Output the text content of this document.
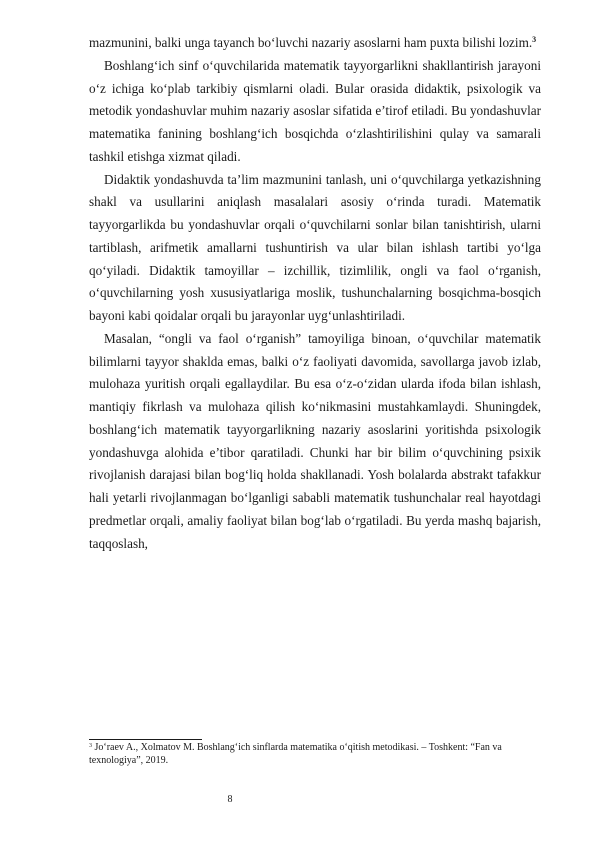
mazmunini, balki unga tayanch bo‘luvchi nazariy asoslarni ham puxta bilishi lozim.$^3$

Boshlang‘ich sinf o‘quvchilarida matematik tayyorgarlikni shakllantirish jarayoni o‘z ichiga ko‘plab tarkibiy qismlarni oladi. Bular orasida didaktik, psixologik va metodik yondashuvlar muhim nazariy asoslar sifatida e’tirof etiladi. Bu yondashuvlar matematika fanining boshlang‘ich bosqichda o‘zlashtirilishini qulay va samarali tashkil etishga xizmat qiladi.

Didaktik yondashuvda ta’lim mazmunini tanlash, uni o‘quvchilarga yetkazishning shakl va usullarini aniqlash masalalari asosiy o‘rinda turadi. Matematik tayyorgarlikda bu yondashuvlar orqali o‘quvchilarni sonlar bilan tanishtirish, ularni tartiblash, arifmetik amallarni tushuntirish va ular bilan ishlash tartibi yo‘lga qo‘yiladi. Didaktik tamoyillar – izchillik, tizimlilik, ongli va faol o‘rganish, o‘quvchilarning yosh xususiyatlariga moslik, tushunchalarning bosqichma-bosqich bayoni kabi qoidalar orqali bu jarayonlar uyg‘unlashtiriladi.

Masalan, “ongli va faol o‘rganish” tamoyiliga binoan, o‘quvchilar matematik bilimlarni tayyor shaklda emas, balki o‘z faoliyati davomida, savollarga javob izlab, mulohaza yuritish orqali egallaydilar. Bu esa o‘z-o‘zidan ularda ifoda bilan ishlash, mantiqiy fikrlash va mulohaza qilish ko‘nikmasini mustahkamlaydi. Shuningdek, boshlang‘ich matematik tayyorgarlikning nazariy asoslarini yoritishda psixologik yondashuvga alohida e’tibor qaratiladi. Chunki har bir bilim o‘quvchining psixik rivojlanish darajasi bilan bog‘liq holda shakllanadi. Yosh bolalarda abstrakt tafakkur hali yetarli rivojlanmagan bo‘lganligi sababli matematik tushunchalar real hayotdagi predmetlar orqali, amaliy faoliyat bilan bog‘lab o‘rgatiladi. Bu yerda mashq bajarish, taqqoslash,

$^3$ Jo‘raev A., Xolmatov M. Boshlang‘ich sinflarda matematika o‘qitish metodikasi. – Toshkent: “Fan va texnologiya”, 2019.

8
